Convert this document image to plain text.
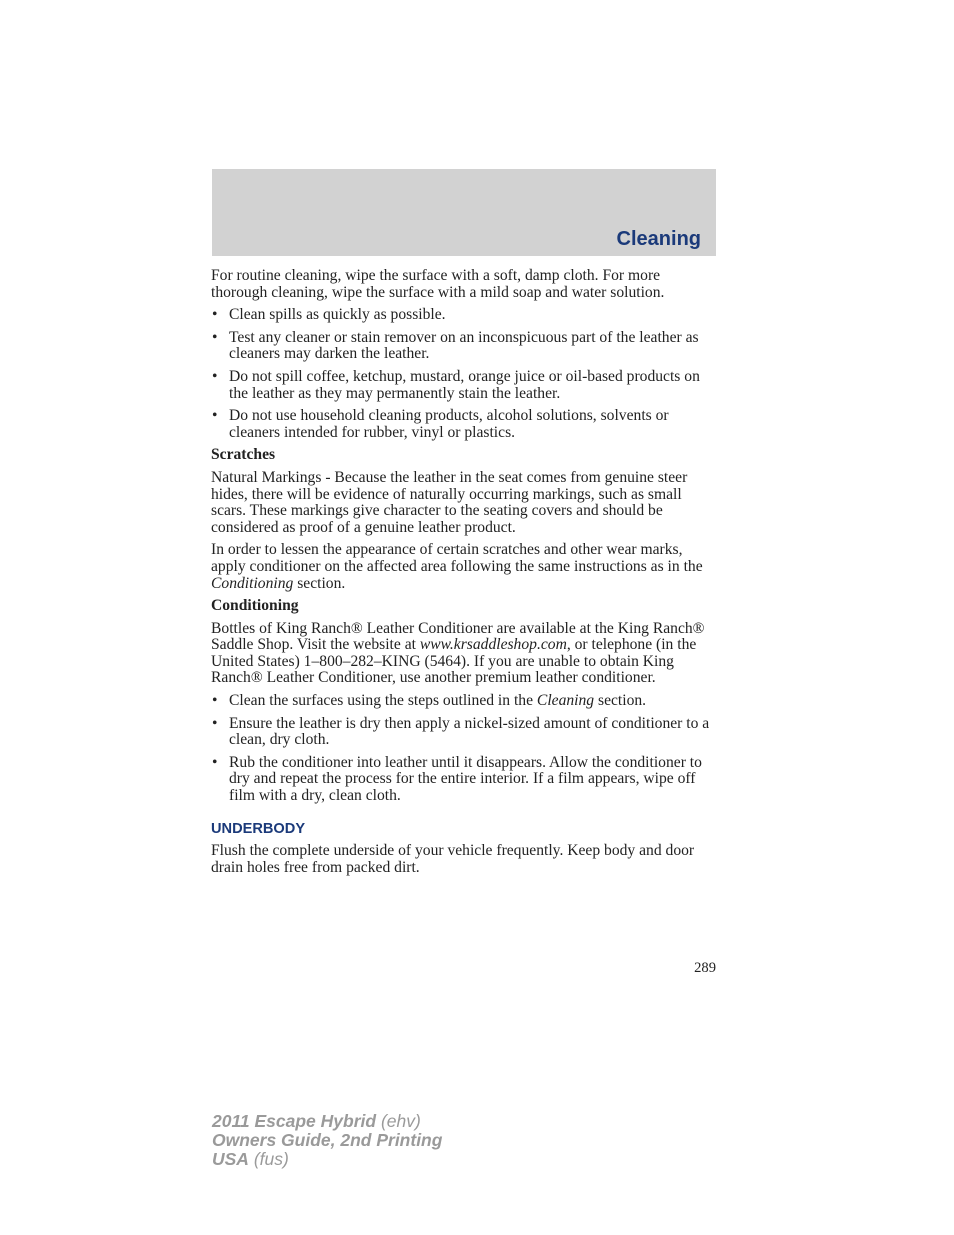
Cleaning

For routine cleaning, wipe the surface with a soft, damp cloth. For more thorough cleaning, wipe the surface with a mild soap and water solution.

• Clean spills as quickly as possible.
• Test any cleaner or stain remover on an inconspicuous part of the leather as cleaners may darken the leather.
• Do not spill coffee, ketchup, mustard, orange juice or oil-based products on the leather as they may permanently stain the leather.
• Do not use household cleaning products, alcohol solutions, solvents or cleaners intended for rubber, vinyl or plastics.
Scratches

Natural Markings - Because the leather in the seat comes from genuine steer hides, there will be evidence of naturally occurring markings, such as small scars. These markings give character to the seating covers and should be considered as proof of a genuine leather product.

In order to lessen the appearance of certain scratches and other wear marks, apply conditioner on the affected area following the same instructions as in the Conditioning section.

Conditioning

Bottles of King Ranch® Leather Conditioner are available at the King Ranch® Saddle Shop. Visit the website at www.krsaddleshop.com, or telephone (in the United States) 1–800–282–KING (5464). If you are unable to obtain King Ranch® Leather Conditioner, use another premium leather conditioner.

• Clean the surfaces using the steps outlined in the Cleaning section.
• Ensure the leather is dry then apply a nickel-sized amount of conditioner to a clean, dry cloth.
• Rub the conditioner into leather until it disappears. Allow the conditioner to dry and repeat the process for the entire interior. If a film appears, wipe off film with a dry, clean cloth.
UNDERBODY

Flush the complete underside of your vehicle frequently. Keep body and door drain holes free from packed dirt.

289
2011 Escape Hybrid (ehv)
Owners Guide, 2nd Printing
USA (fus)
